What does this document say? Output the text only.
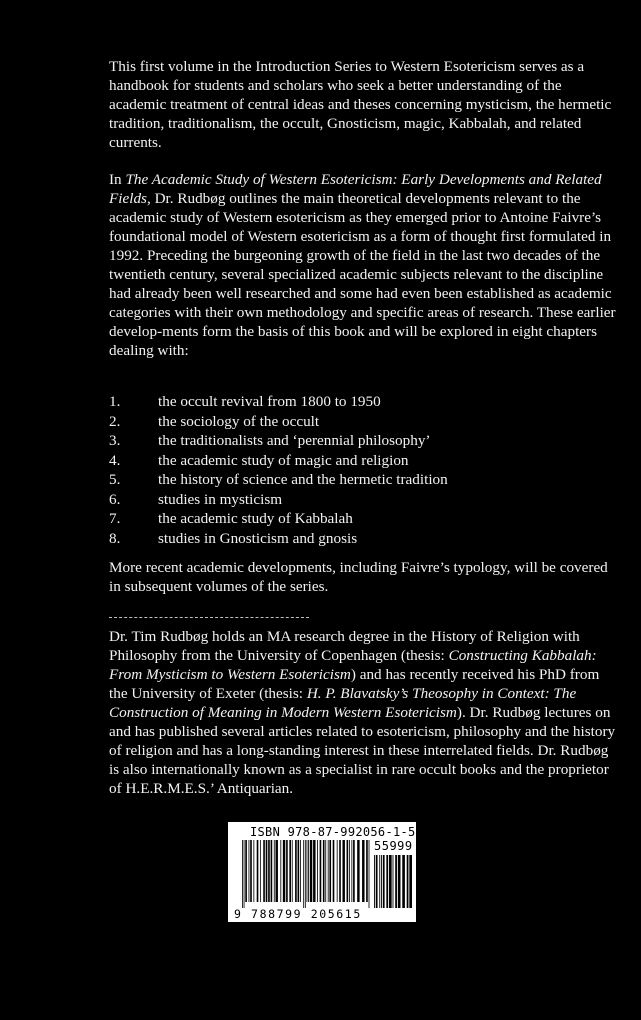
This first volume in the Introduction Series to Western Esotericism serves as a handbook for students and scholars who seek a better understanding of the academic treatment of central ideas and theses concerning mysticism, the hermetic tradition, traditionalism, the occult, Gnosticism, magic, Kabbalah, and related currents.

In The Academic Study of Western Esotericism: Early Developments and Related Fields, Dr. Rudbøg outlines the main theoretical developments relevant to the academic study of Western esotericism as they emerged prior to Antoine Faivre’s foundational model of Western esotericism as a form of thought first formulated in 1992. Preceding the burgeoning growth of the field in the last two decades of the twentieth century, several specialized academic subjects relevant to the discipline had already been well researched and some had even been established as academic categories with their own methodology and specific areas of research. These earlier develop-ments form the basis of this book and will be explored in eight chapters dealing with:

1.	the occult revival from 1800 to 1950
2.	the sociology of the occult
3.	the traditionalists and ‘perennial philosophy’
4.	the academic study of magic and religion
5.	the history of science and the hermetic tradition
6.	studies in mysticism
7.	the academic study of Kabbalah
8.	studies in Gnosticism and gnosis

More recent academic developments, including Faivre’s typology, will be covered in subsequent volumes of the series.

Dr. Tim Rudbøg holds an MA research degree in the History of Religion with Philosophy from the University of Copenhagen (thesis: Constructing Kabbalah: From Mysticism to Western Esotericism) and has recently received his PhD from the University of Exeter (thesis: H. P. Blavatsky’s Theosophy in Context: The Construction of Meaning in Modern Western Esotericism). Dr. Rudbøg lectures on and has published several articles related to esotericism, philosophy and the history of religion and has a long-standing interest in these interrelated fields. Dr. Rudbøg is also internationally known as a specialist in rare occult books and the proprietor of H.E.R.M.E.S.’ Antiquarian.

ISBN 978-87-992056-1-5
55999
9 788799 205615
